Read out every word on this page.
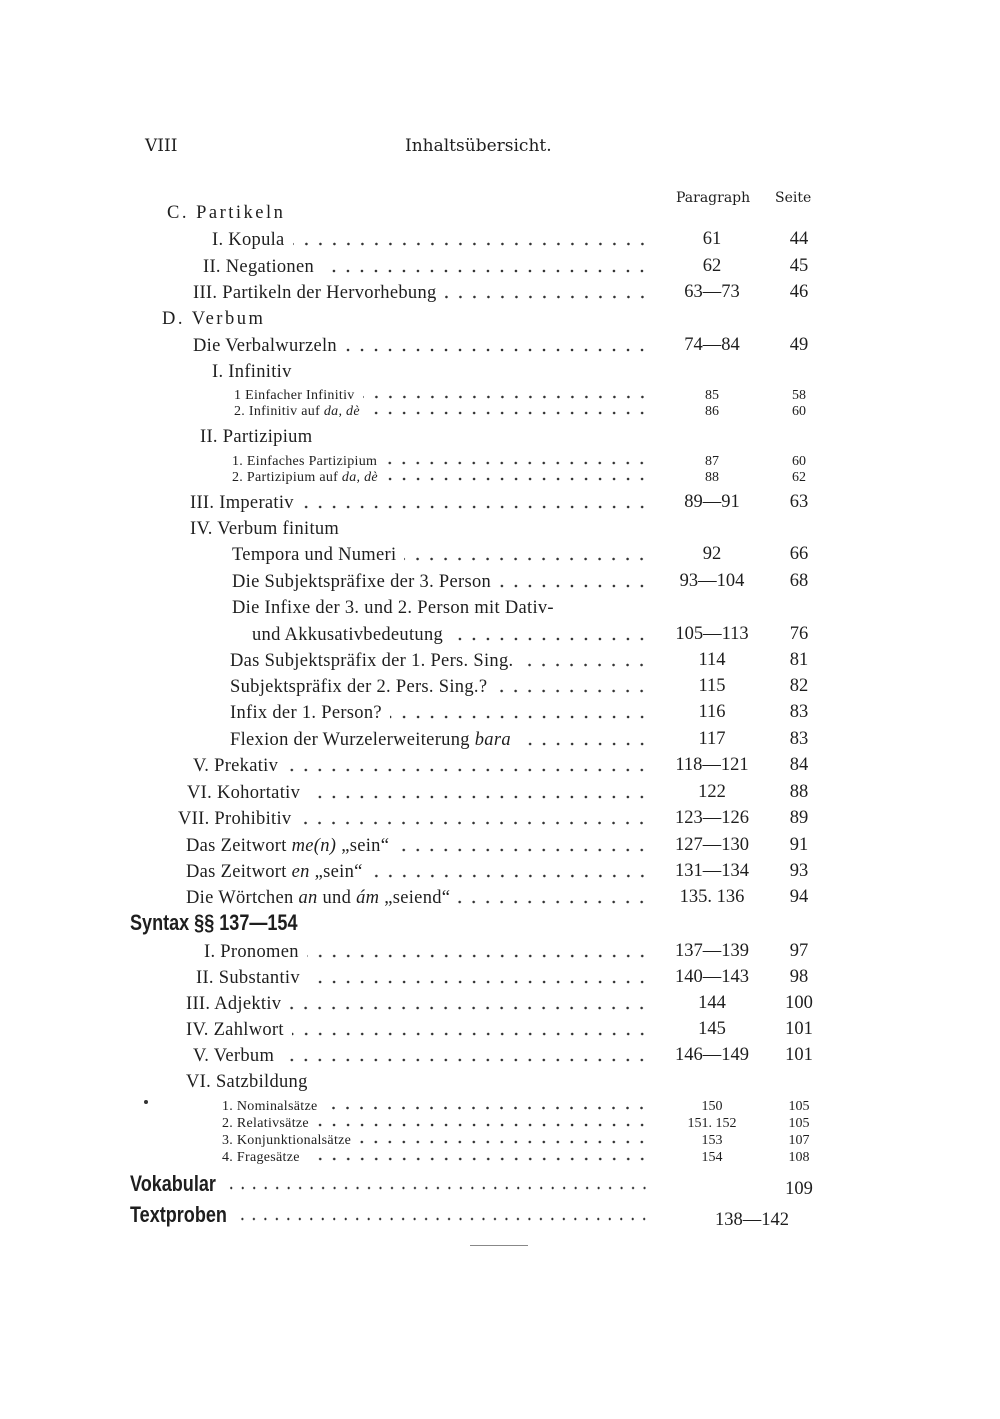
VIII	Inhaltsübersicht.
Paragraph Seite
C. Partikeln
I. Kopula	61	44
II. Negationen	62	45
III. Partikeln der Hervorhebung	63—73	46
D. Verbum
Die Verbalwurzeln	74—84	49
I. Infinitiv
1 Einfacher Infinitiv	85	58
2. Infinitiv auf da, dè	86	60
II. Partizipium
1. Einfaches Partizipium	87	60
2. Partizipium auf da, dè	88	62
III. Imperativ	89—91	63
IV. Verbum finitum
Tempora und Numeri	92	66
Die Subjektspräfixe der 3. Person	93—104	68
Die Infixe der 3. und 2. Person mit Dativ-
und Akkusativbedeutung	105—113	76
Das Subjektspräfix der 1. Pers. Sing.	114	81
Subjektspräfix der 2. Pers. Sing.?	115	82
Infix der 1. Person?	116	83
Flexion der Wurzelerweiterung bara	117	83
V. Prekativ	118—121	84
VI. Kohortativ	122	88
VII. Prohibitiv	123—126	89
Das Zeitwort me(n) „sein“	127—130	91
Das Zeitwort en „sein“	131—134	93
Die Wörtchen an und ám „seiend“	135. 136	94
Syntax §§ 137—154
I. Pronomen	137—139	97
II. Substantiv	140—143	98
III. Adjektiv	144	100
IV. Zahlwort	145	101
V. Verbum	146—149	101
VI. Satzbildung
1. Nominalsätze	150	105
2. Relativsätze	151. 152	105
3. Konjunktionalsätze	153	107
4. Fragesätze	154	108
Vokabular	109
Textproben	138—142
